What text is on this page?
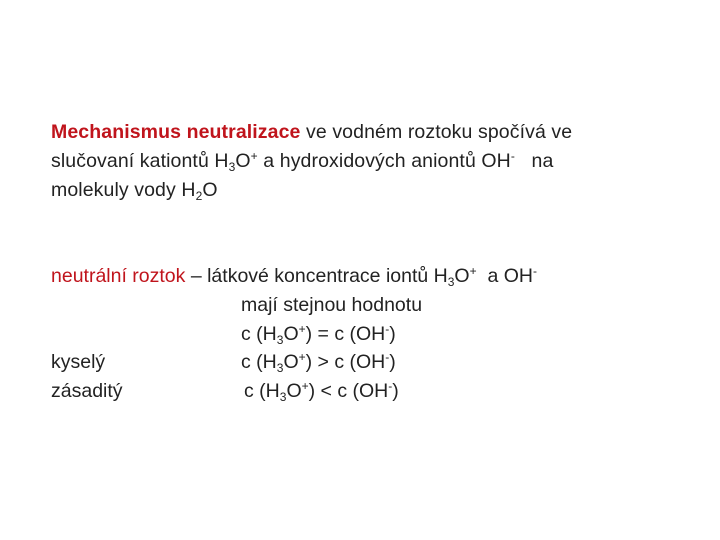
Mechanismus neutralizace ve vodném roztoku spočívá ve
slučovaní kationtů $H_3O^+$ a hydroxidových aniontů OH-   na
molekuly vody $H_2O$
neutrální roztok – látkové koncentrace iontů $H_3O^+$  a OH-
mají stejnou hodnotu
c $(H_3O^+) = c$ (OH-)
kyselý	c $(H_3O^+) > c$ (OH-)
zásaditý	c $(H_3O^+) < c$ (OH-)
